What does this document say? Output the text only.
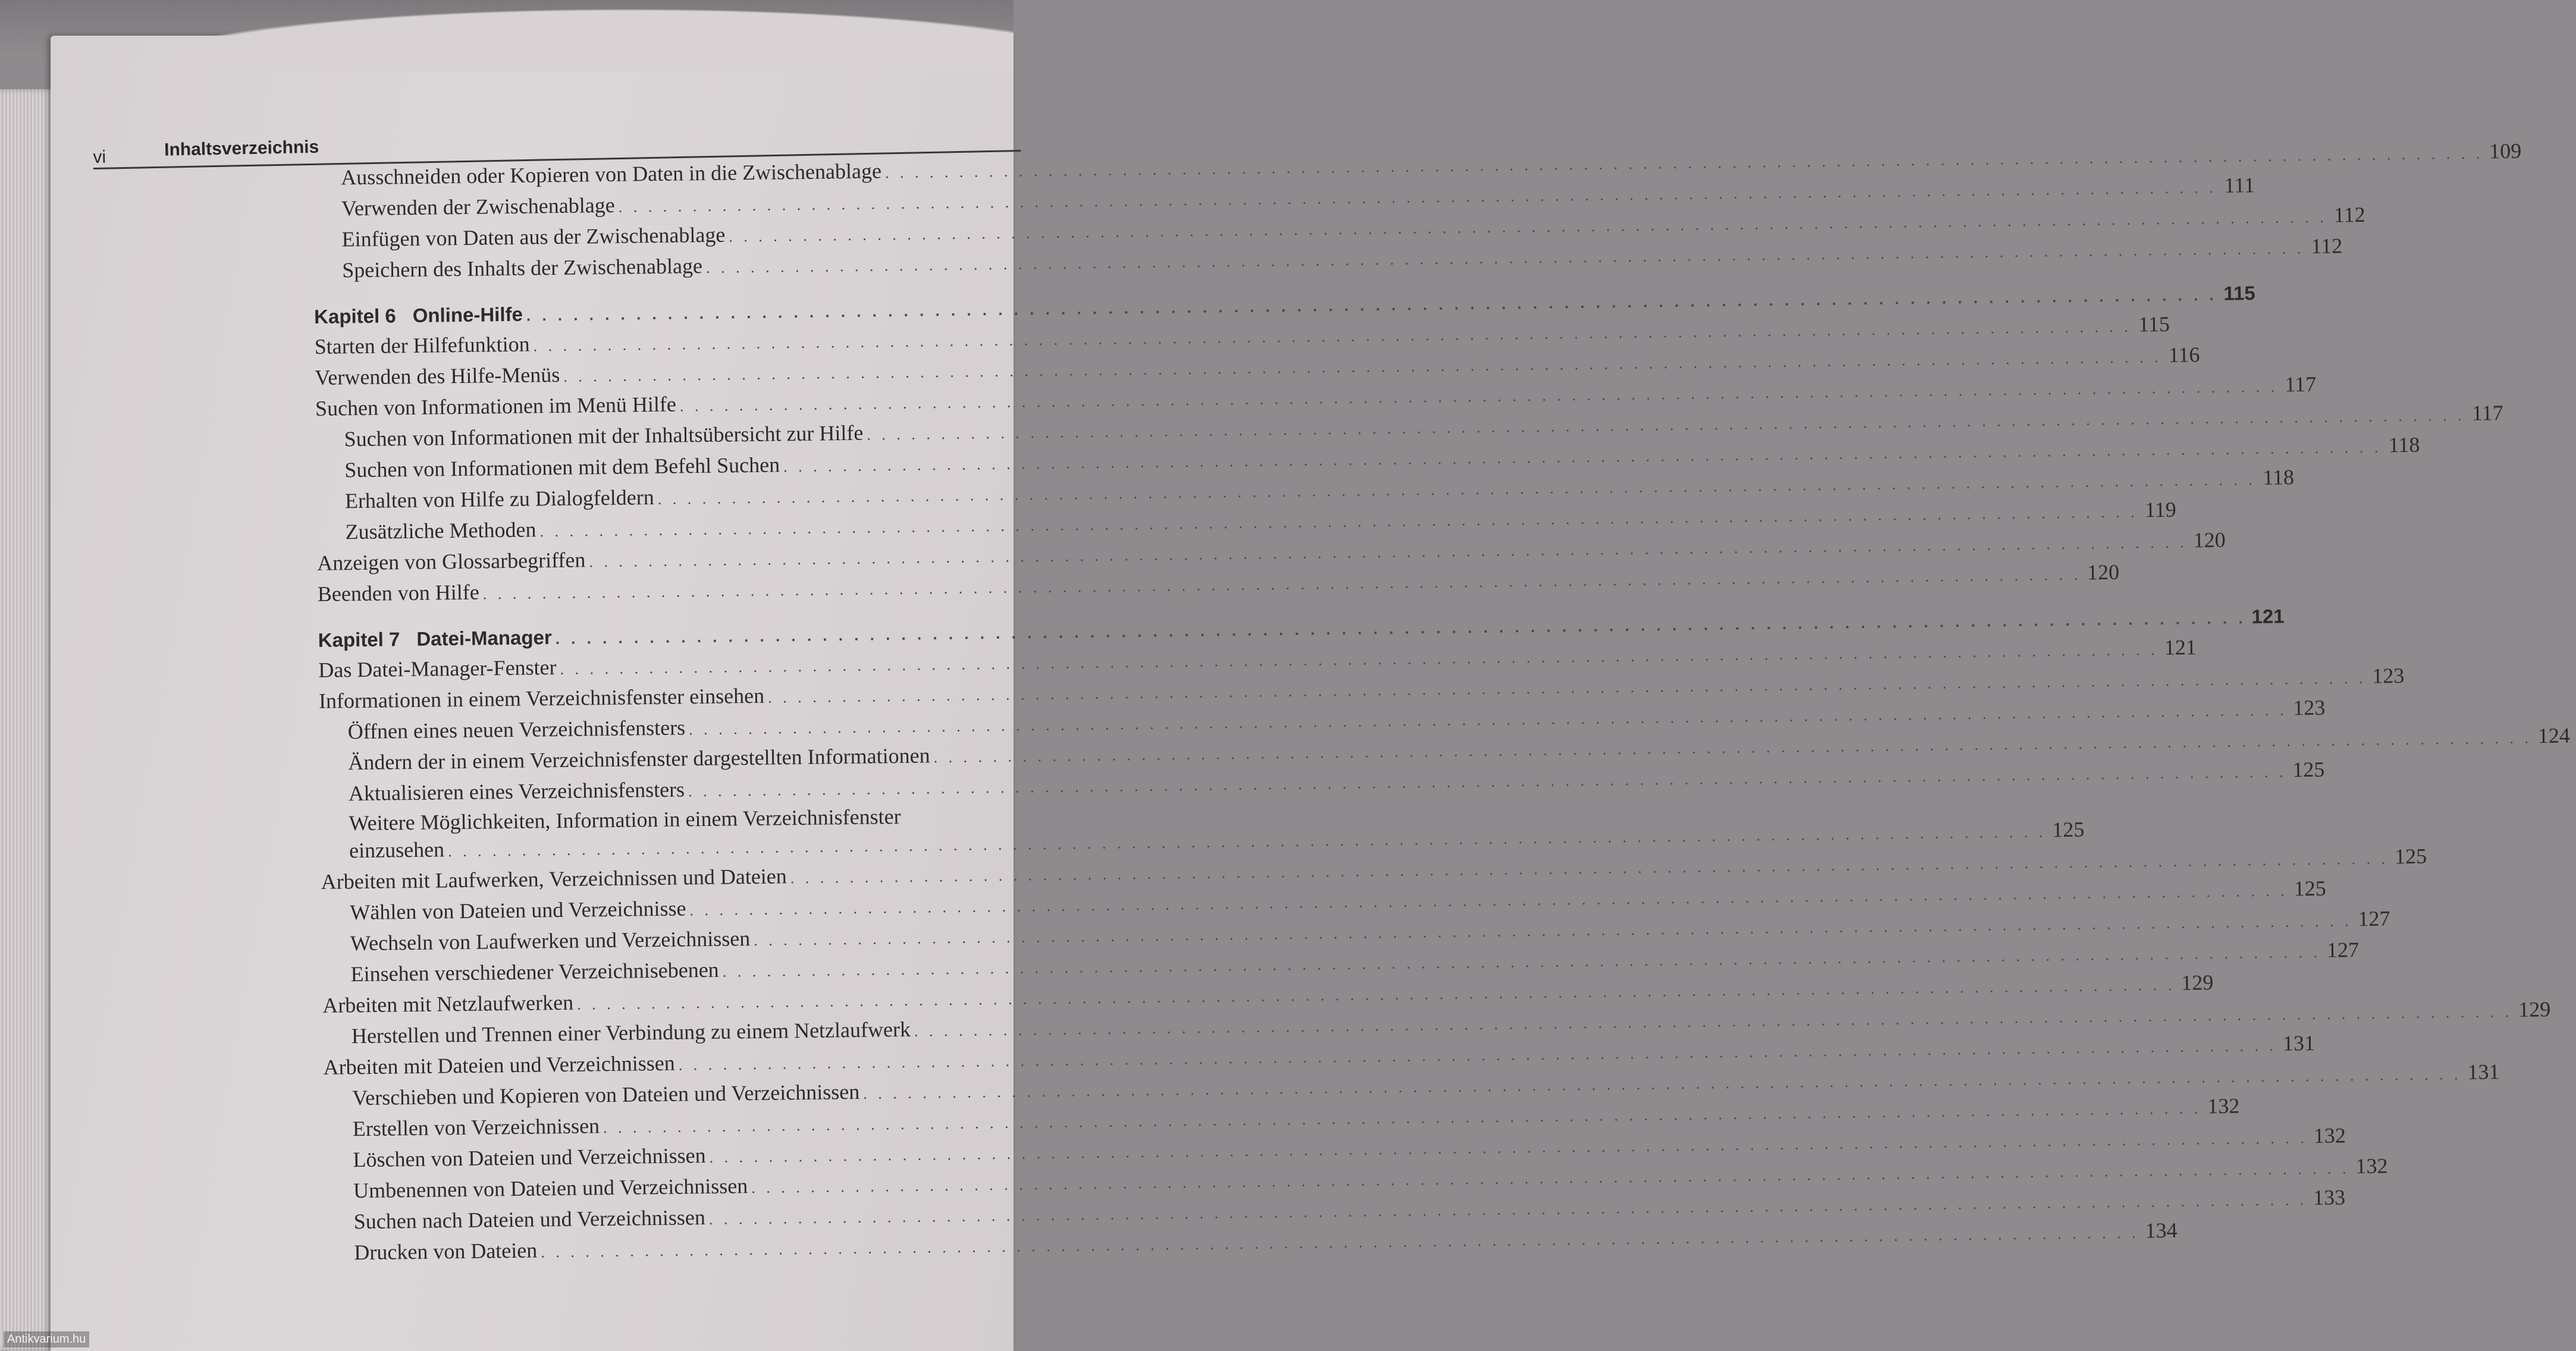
vi	Inhaltsverzeichnis
Ausschneiden oder Kopieren von Daten in die Zwischenablage
. . .
109
Verwenden der Zwischenablage
. . .
111
Einfügen von Daten aus der Zwischenablage
. . .
112
Speichern des Inhalts der Zwischenablage
. . .
112
Kapitel 6 Online-Hilfe
. . .
115
Starten der Hilfefunktion
. . .
115
Verwenden des Hilfe-Menüs
. . .
116
Suchen von Informationen im Menü Hilfe
. . .
117
Suchen von Informationen mit der Inhaltsübersicht zur Hilfe
. . .
117
Suchen von Informationen mit dem Befehl Suchen
. . .
118
Erhalten von Hilfe zu Dialogfeldern
. . .
118
Zusätzliche Methoden
. . .
119
Anzeigen von Glossarbegriffen
. . .
120
Beenden von Hilfe
. . .
120
Kapitel 7 Datei-Manager
. . .
121
Das Datei-Manager-Fenster
. . .
121
Informationen in einem Verzeichnisfenster einsehen
. . .
123
Öffnen eines neuen Verzeichnisfensters
. . .
123
Ändern der in einem Verzeichnisfenster dargestellten Informationen
. . .
124
Aktualisieren eines Verzeichnisfensters
. . .
125
Weitere Möglichkeiten, Information in einem Verzeichnisfenster
einzusehen
. . .
125
Arbeiten mit Laufwerken, Verzeichnissen und Dateien
. . .
125
Wählen von Dateien und Verzeichnisse
. . .
125
Wechseln von Laufwerken und Verzeichnissen
. . .
127
Einsehen verschiedener Verzeichnisebenen
. . .
127
Arbeiten mit Netzlaufwerken
. . .
129
Herstellen und Trennen einer Verbindung zu einem Netzlaufwerk
. . .
129
Arbeiten mit Dateien und Verzeichnissen
. . .
131
Verschieben und Kopieren von Dateien und Verzeichnissen
. . .
131
Erstellen von Verzeichnissen
. . .
132
Löschen von Dateien und Verzeichnissen
. . .
132
Umbenennen von Dateien und Verzeichnissen
. . .
132
Suchen nach Dateien und Verzeichnissen
. . .
133
Drucken von Dateien
. . .
134
Antikvarium.hu
